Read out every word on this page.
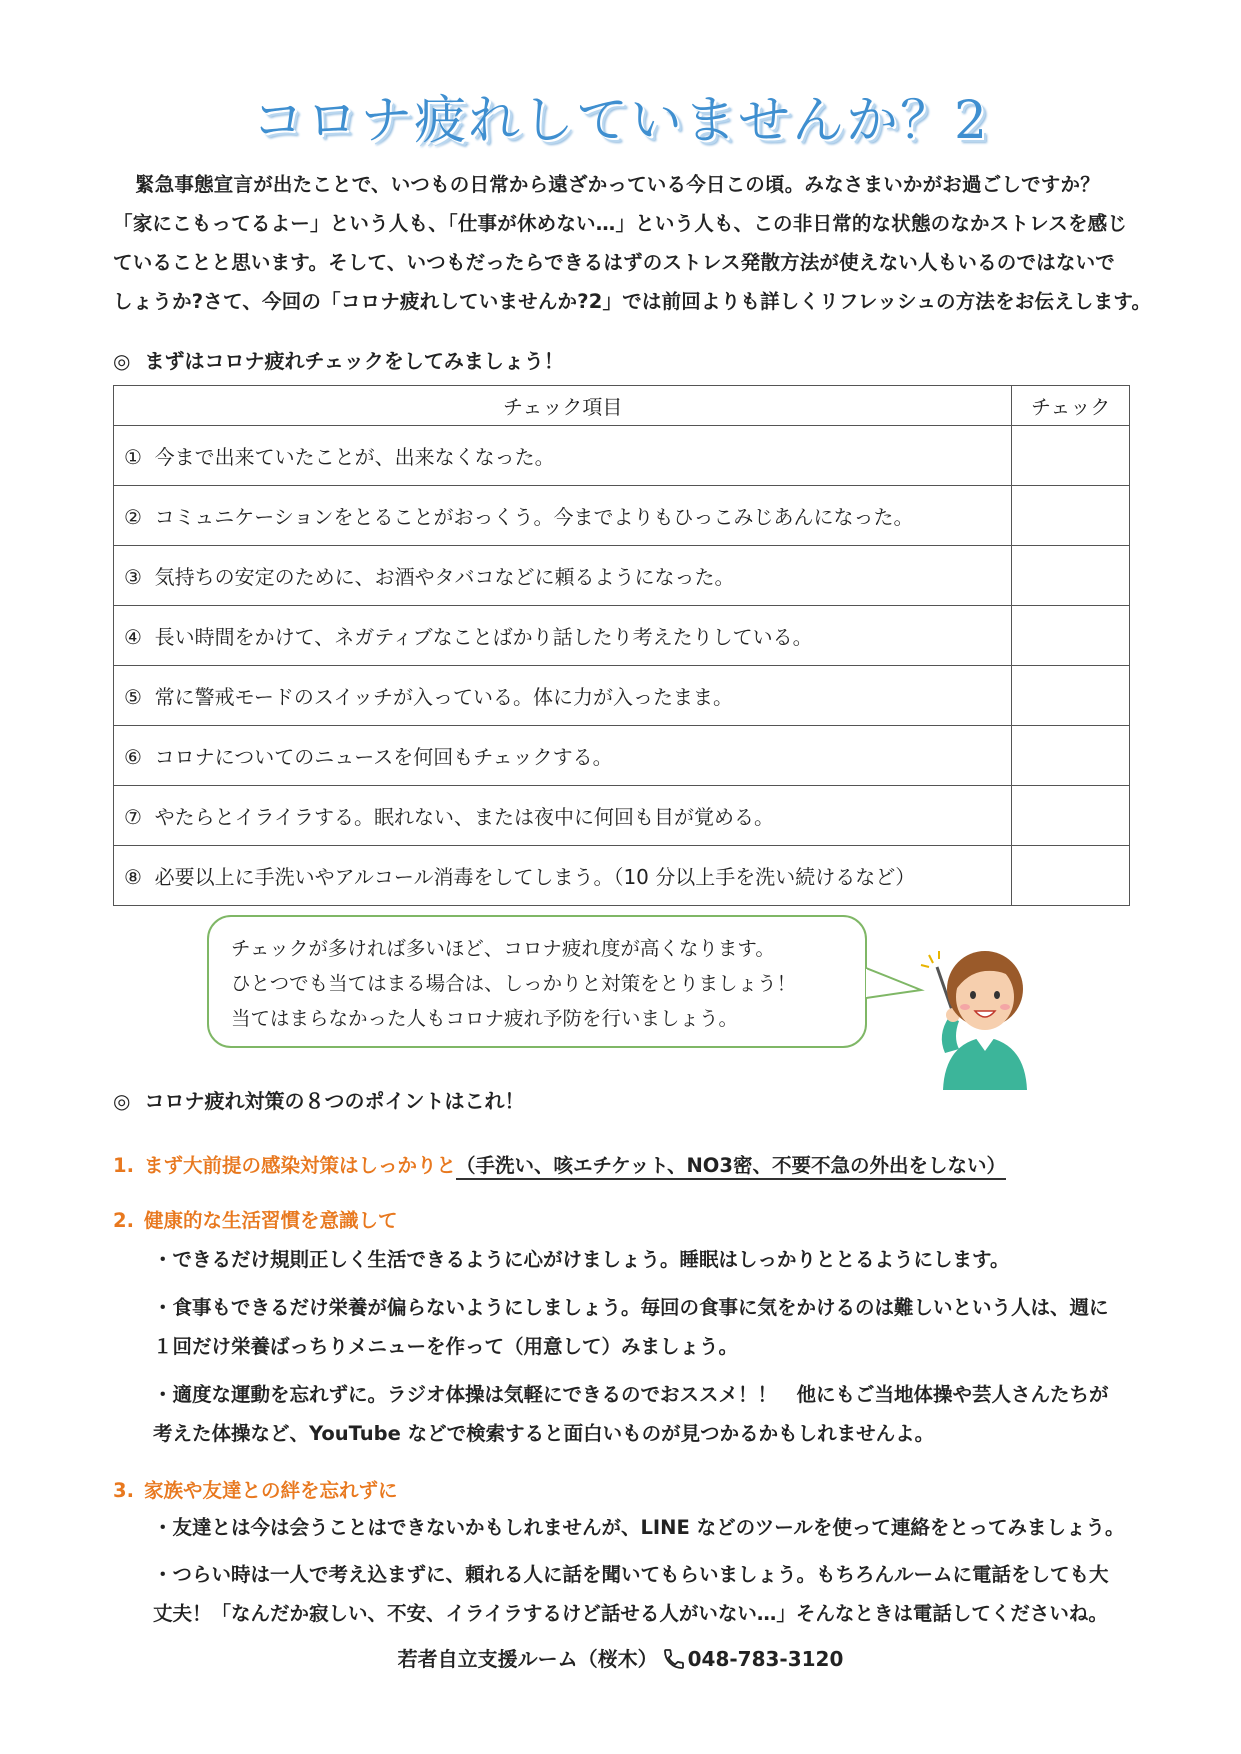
コロナ疲れしていませんか？2

緊急事態宣言が出たことで、いつもの日常から遠ざかっている今日この頃。みなさまいかがお過ごしですか？

「家にこもってるよー」という人も、「仕事が休めない…」という人も、この非日常的な状態のなかストレスを感じ

ていることと思います。そして、いつもだったらできるはずのストレス発散方法が使えない人もいるのではないで

しょうか?さて、今回の「コロナ疲れしていませんか?2」では前回よりも詳しくリフレッシュの方法をお伝えします。

◎ まずはコロナ疲れチェックをしてみましょう！
チェック項目	チェック
① 今まで出来ていたことが、出来なくなった。	
② コミュニケーションをとることがおっくう。今までよりもひっこみじあんになった。	
③ 気持ちの安定のために、お酒やタバコなどに頼るようになった。	
④ 長い時間をかけて、ネガティブなことばかり話したり考えたりしている。	
⑤ 常に警戒モードのスイッチが入っている。体に力が入ったまま。	
⑥ コロナについてのニュースを何回もチェックする。	
⑦ やたらとイライラする。眠れない、または夜中に何回も目が覚める。	
⑧ 必要以上に手洗いやアルコール消毒をしてしまう。（10 分以上手を洗い続けるなど）	

チェックが多ければ多いほど、コロナ疲れ度が高くなります。

ひとつでも当てはまる場合は、しっかりと対策をとりましょう！

当てはまらなかった人もコロナ疲れ予防を行いましょう。

◎ コロナ疲れ対策の８つのポイントはこれ！
1. まず大前提の感染対策はしっかりと（手洗い、咳エチケット、NO3密、不要不急の外出をしない）
2. 健康的な生活習慣を意識して

・できるだけ規則正しく生活できるように心がけましょう。睡眠はしっかりととるようにします。

・食事もできるだけ栄養が偏らないようにしましょう。毎回の食事に気をかけるのは難しいという人は、週に

１回だけ栄養ばっちりメニューを作って（用意して）みましょう。

・適度な運動を忘れずに。ラジオ体操は気軽にできるのでおススメ！！　他にもご当地体操や芸人さんたちが

考えた体操など、YouTube などで検索すると面白いものが見つかるかもしれませんよ。

3. 家族や友達との絆を忘れずに

・友達とは今は会うことはできないかもしれませんが、LINE などのツールを使って連絡をとってみましょう。

・つらい時は一人で考え込まずに、頼れる人に話を聞いてもらいましょう。もちろんルームに電話をしても大

丈夫！「なんだか寂しい、不安、イライラするけど話せる人がいない…」そんなときは電話してくださいね。

若者自立支援ルーム（桜木） 048-783-3120
